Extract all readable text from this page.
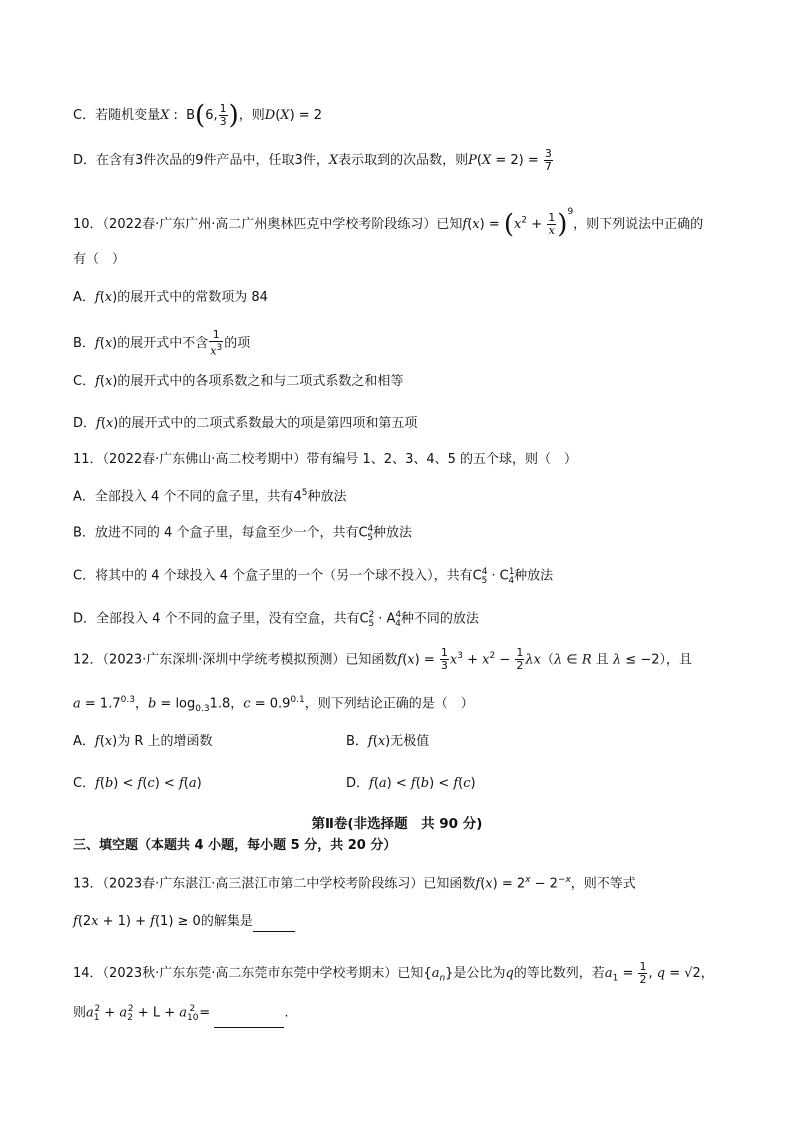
C．若随机变量X :  B(6, $\frac{1}{3}$ )，则D(X) = 2
D．在含有3件次品的9件产品中，任取3件，X表示取到的次品数，则$P(X = 2) = \frac{3}{7}$
10．（2022春·广东广州·高二广州奥林匹克中学校考阶段练习）已知$f(x) = (x^2 + \frac{1}{x} )^9$，则下列说法中正确的
有（　）
A．f(x)的展开式中的常数项为 84
B．f(x)的展开式中不含 $\frac{1}{x^3}$ 的项
C．f(x)的展开式中的各项系数之和与二项式系数之和相等
D．f(x)的展开式中的二项式系数最大的项是第四项和第五项
11．（2022春·广东佛山·高二校考期中）带有编号 1、2、3、4、5 的五个球，则（　）
A．全部投入 4 个不同的盒子里，共有$4^5$种放法
B．放进不同的 4 个盒子里，每盒至少一个，共有$C^4_5$种放法
C．将其中的 4 个球投入 4 个盒子里的一个（另一个球不投入），共有$C^4_5 \cdot C^1_4$种放法
D．全部投入 4 个不同的盒子里，没有空盒，共有$C^2_5 \cdot A^4_4$种不同的放法
12．（2023·广东深圳·深圳中学统考模拟预测）已知函数$f(x) = \frac{1}{3} x^3 + x^2 - \frac{1}{2} \lambda x(\lambda$ ∈ R 且 λ ≤ −2），且
$a = 1.7^{0.3}$，$b = \log_{0.3}1.8$，$c = 0.9^{0.1}$，则下列结论正确的是（　）
A．f(x)为 R 上的增函数	B．f(x)无极值
C．f(b) < f(c) < f(a)	D．f(a) < f(b) < f(c)
第Ⅱ卷(非选择题　共 90 分)
三、填空题（本题共 4 小题，每小题 5 分，共 20 分）
13．（2023春·广东湛江·高三湛江市第二中学校考阶段练习）已知函数$f(x) = 2^x - 2^{-x}$，则不等式
f(2x + 1) + f(1) ≥ 0的解集是
14．（2023秋·广东东莞·高二东莞市东莞中学校考期末）已知$\{a_n\}$是公比为q的等比数列，若$a_1 = \frac{1}{2}$ , q = √2，
则$a_1^2 + a_2^2 + L + a_{10}^2$ =	.
